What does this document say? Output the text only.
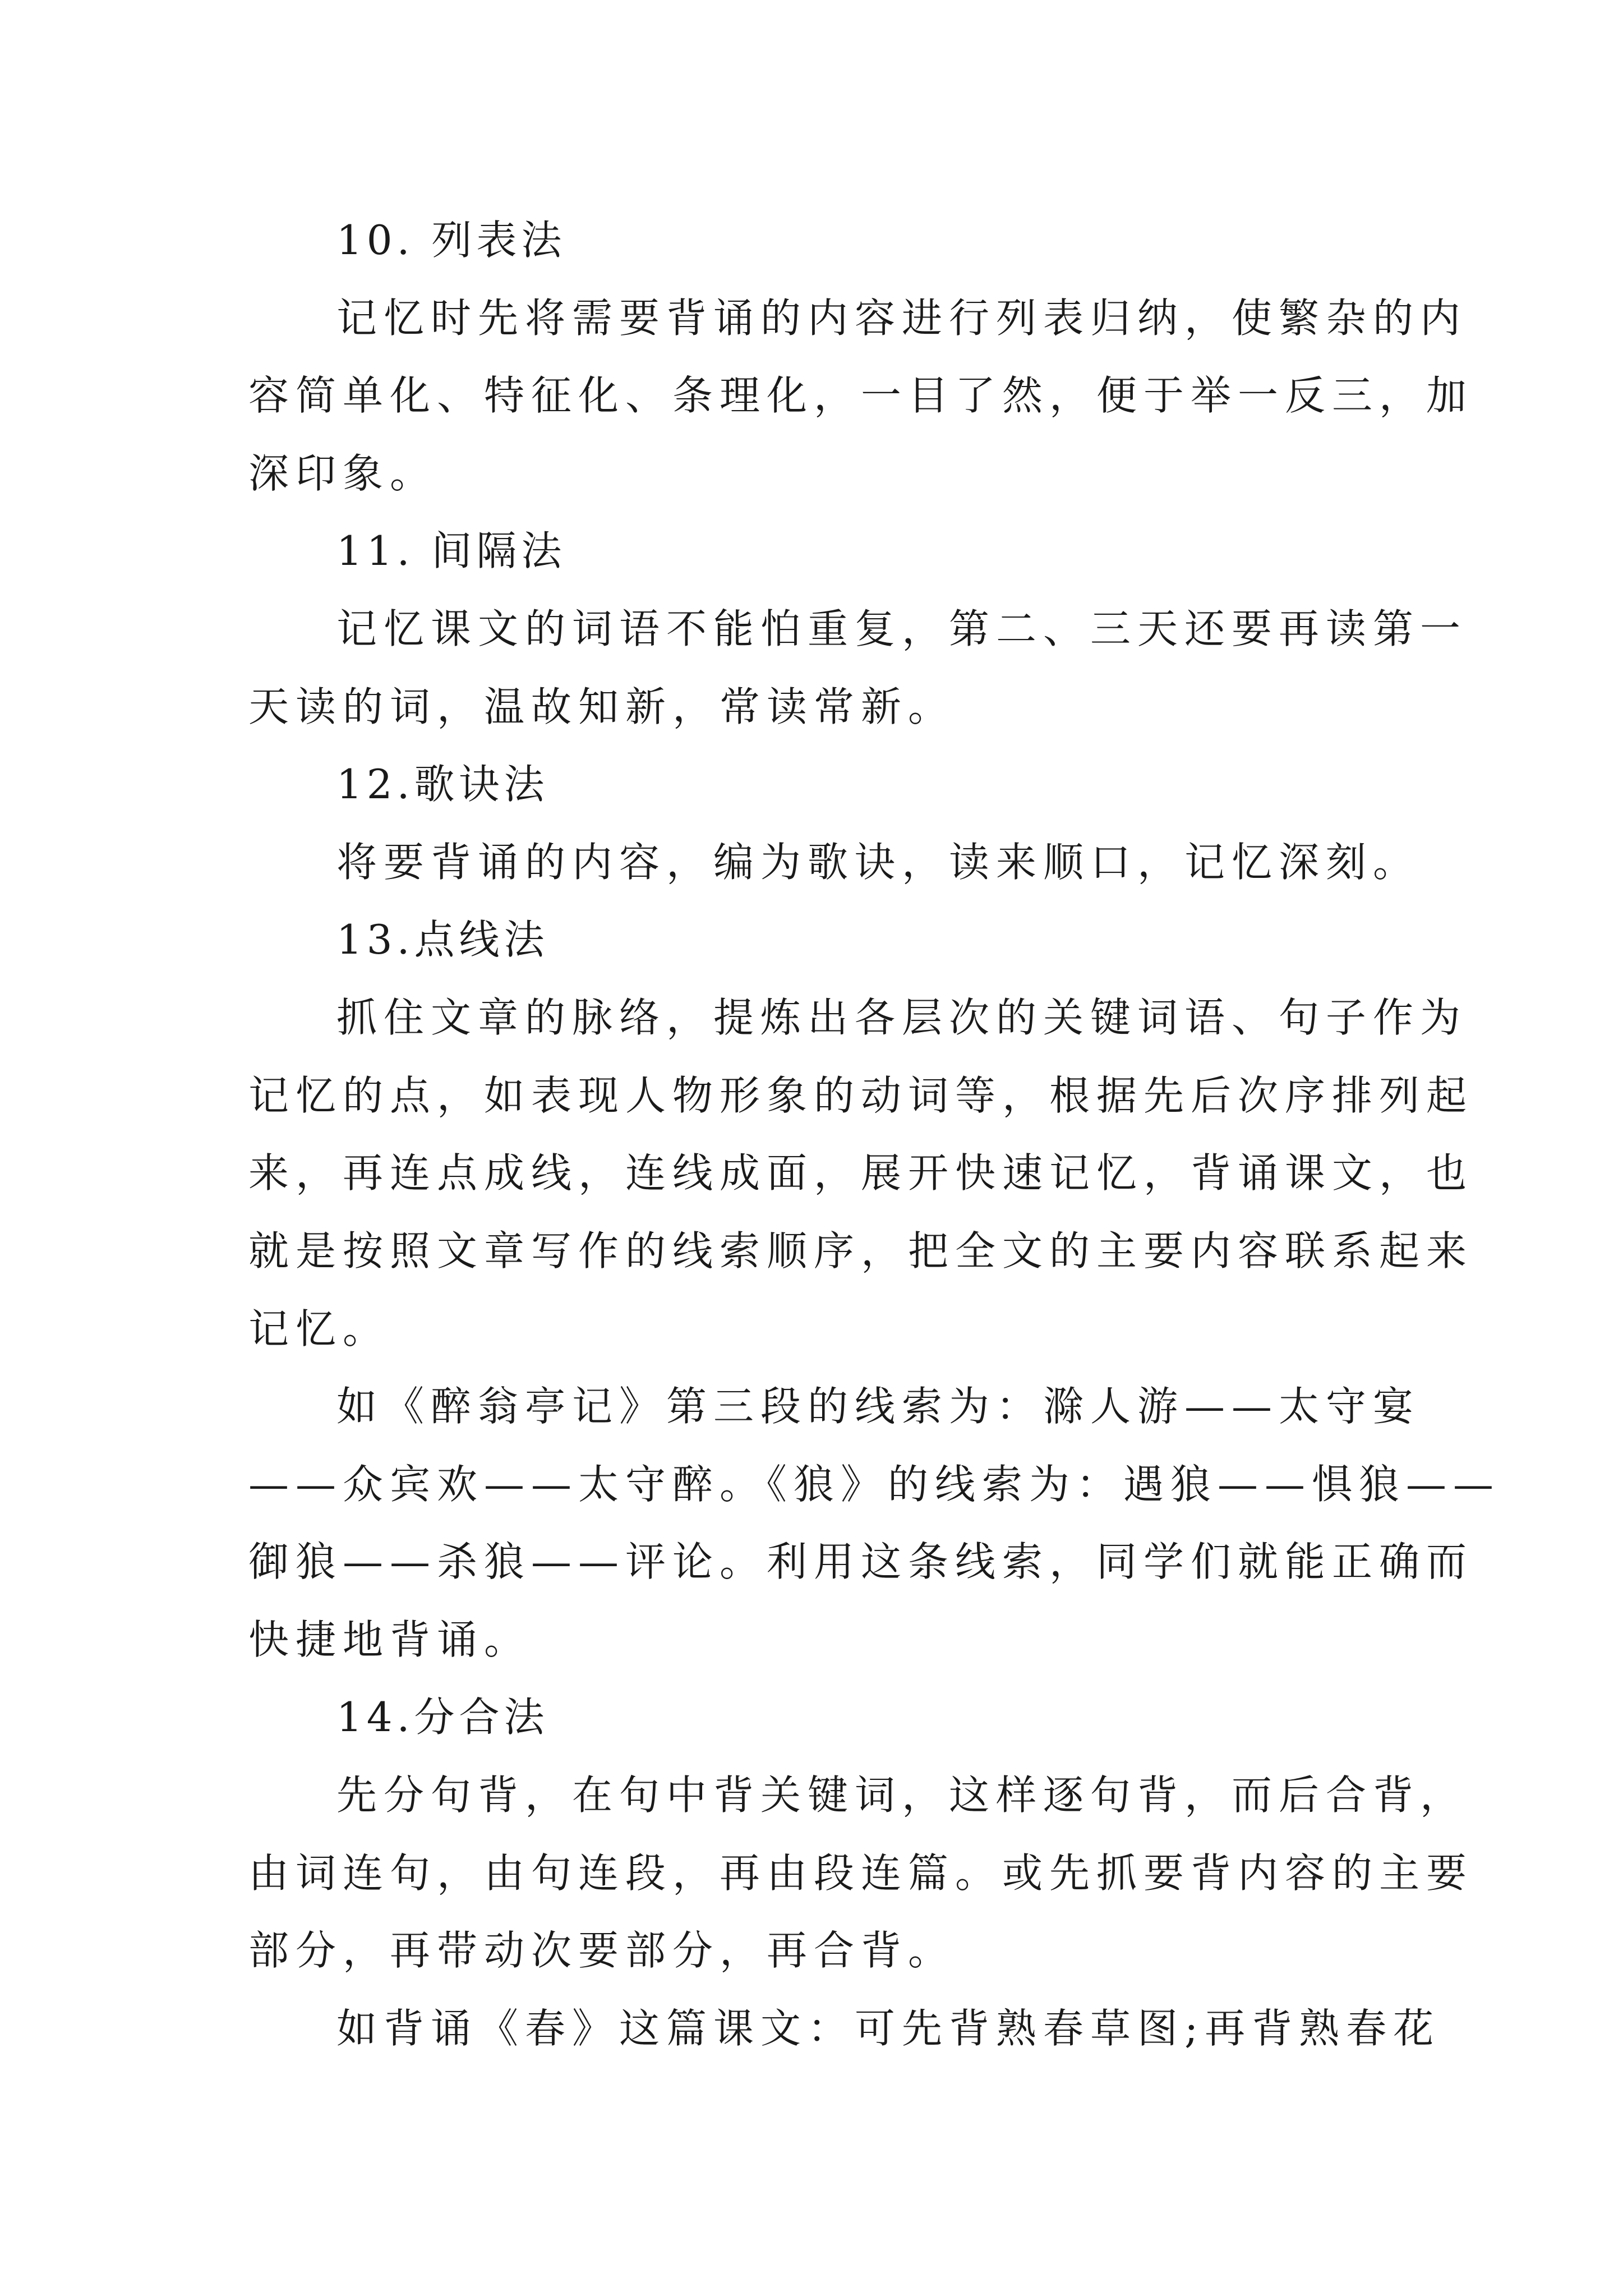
10. 列表法
记忆时先将需要背诵的内容进行列表归纳，使繁杂的内
容简单化、特征化、条理化，一目了然，便于举一反三，加
深印象。
11. 间隔法
记忆课文的词语不能怕重复，第二、三天还要再读第一
天读的词，温故知新，常读常新。
12.歌诀法
将要背诵的内容，编为歌诀，读来顺口，记忆深刻。
13.点线法
抓住文章的脉络，提炼出各层次的关键词语、句子作为
记忆的点，如表现人物形象的动词等，根据先后次序排列起
来，再连点成线，连线成面，展开快速记忆，背诵课文，也
就是按照文章写作的线索顺序，把全文的主要内容联系起来
记忆。
如《醉翁亭记》第三段的线索为：滁人游——太守宴
——众宾欢——太守醉。《狼》的线索为：遇狼——惧狼——
御狼——杀狼——评论。利用这条线索，同学们就能正确而
快捷地背诵。
14.分合法
先分句背，在句中背关键词，这样逐句背，而后合背，
由词连句，由句连段，再由段连篇。或先抓要背内容的主要
部分，再带动次要部分，再合背。
如背诵《春》这篇课文：可先背熟春草图;再背熟春花
